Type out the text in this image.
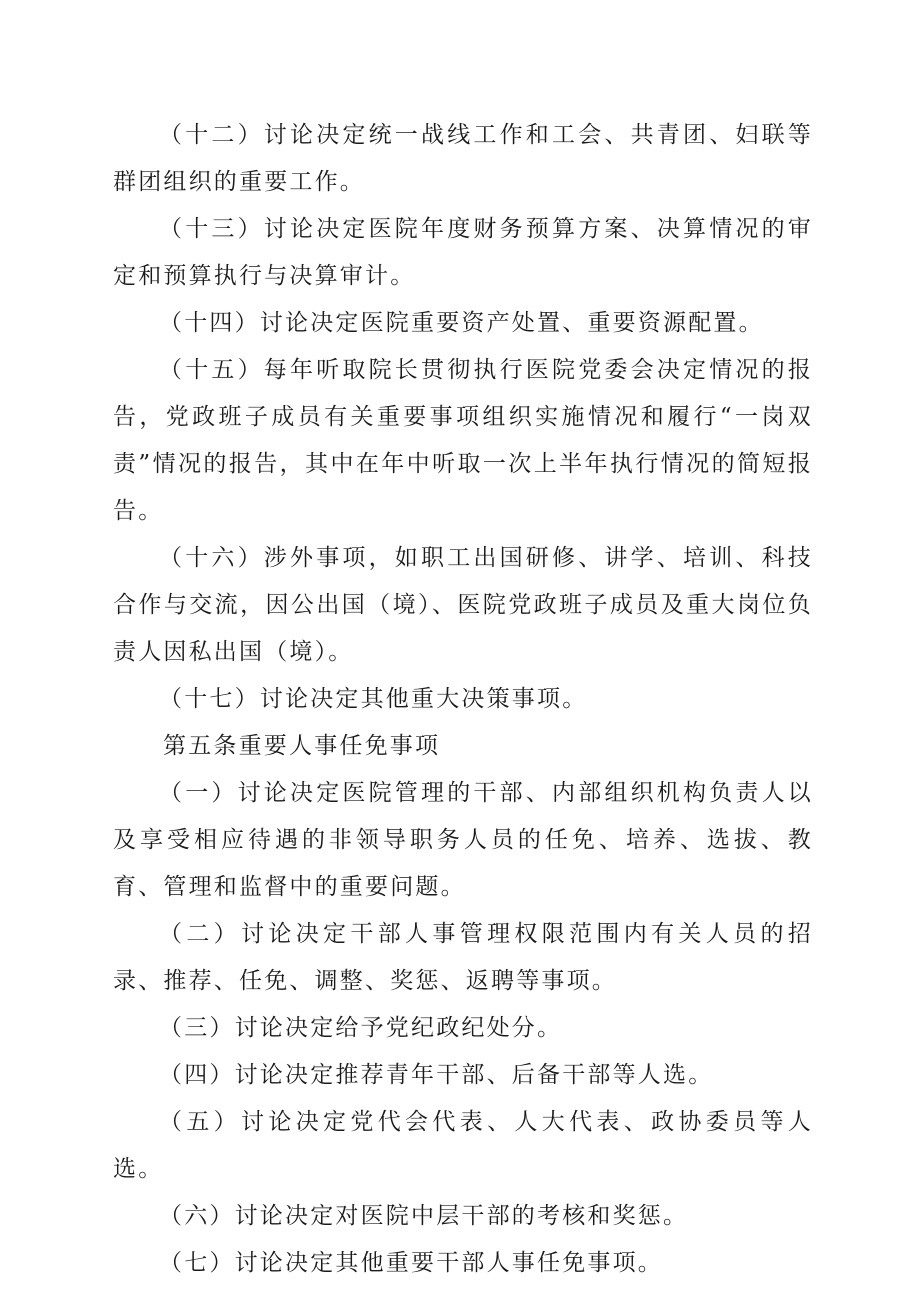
（十二）讨论决定统一战线工作和工会、共青团、妇联等群团组织的重要工作。

（十三）讨论决定医院年度财务预算方案、决算情况的审定和预算执行与决算审计。

（十四）讨论决定医院重要资产处置、重要资源配置。

（十五）每年听取院长贯彻执行医院党委会决定情况的报告，党政班子成员有关重要事项组织实施情况和履行“一岗双责”情况的报告，其中在年中听取一次上半年执行情况的简短报告。

（十六）涉外事项，如职工出国研修、讲学、培训、科技合作与交流，因公出国（境）、医院党政班子成员及重大岗位负责人因私出国（境）。

（十七）讨论决定其他重大决策事项。

第五条重要人事任免事项

（一）讨论决定医院管理的干部、内部组织机构负责人以及享受相应待遇的非领导职务人员的任免、培养、选拔、教育、管理和监督中的重要问题。

（二）讨论决定干部人事管理权限范围内有关人员的招录、推荐、任免、调整、奖惩、返聘等事项。

（三）讨论决定给予党纪政纪处分。

（四）讨论决定推荐青年干部、后备干部等人选。

（五）讨论决定党代会代表、人大代表、政协委员等人选。

（六）讨论决定对医院中层干部的考核和奖惩。

（七）讨论决定其他重要干部人事任免事项。
